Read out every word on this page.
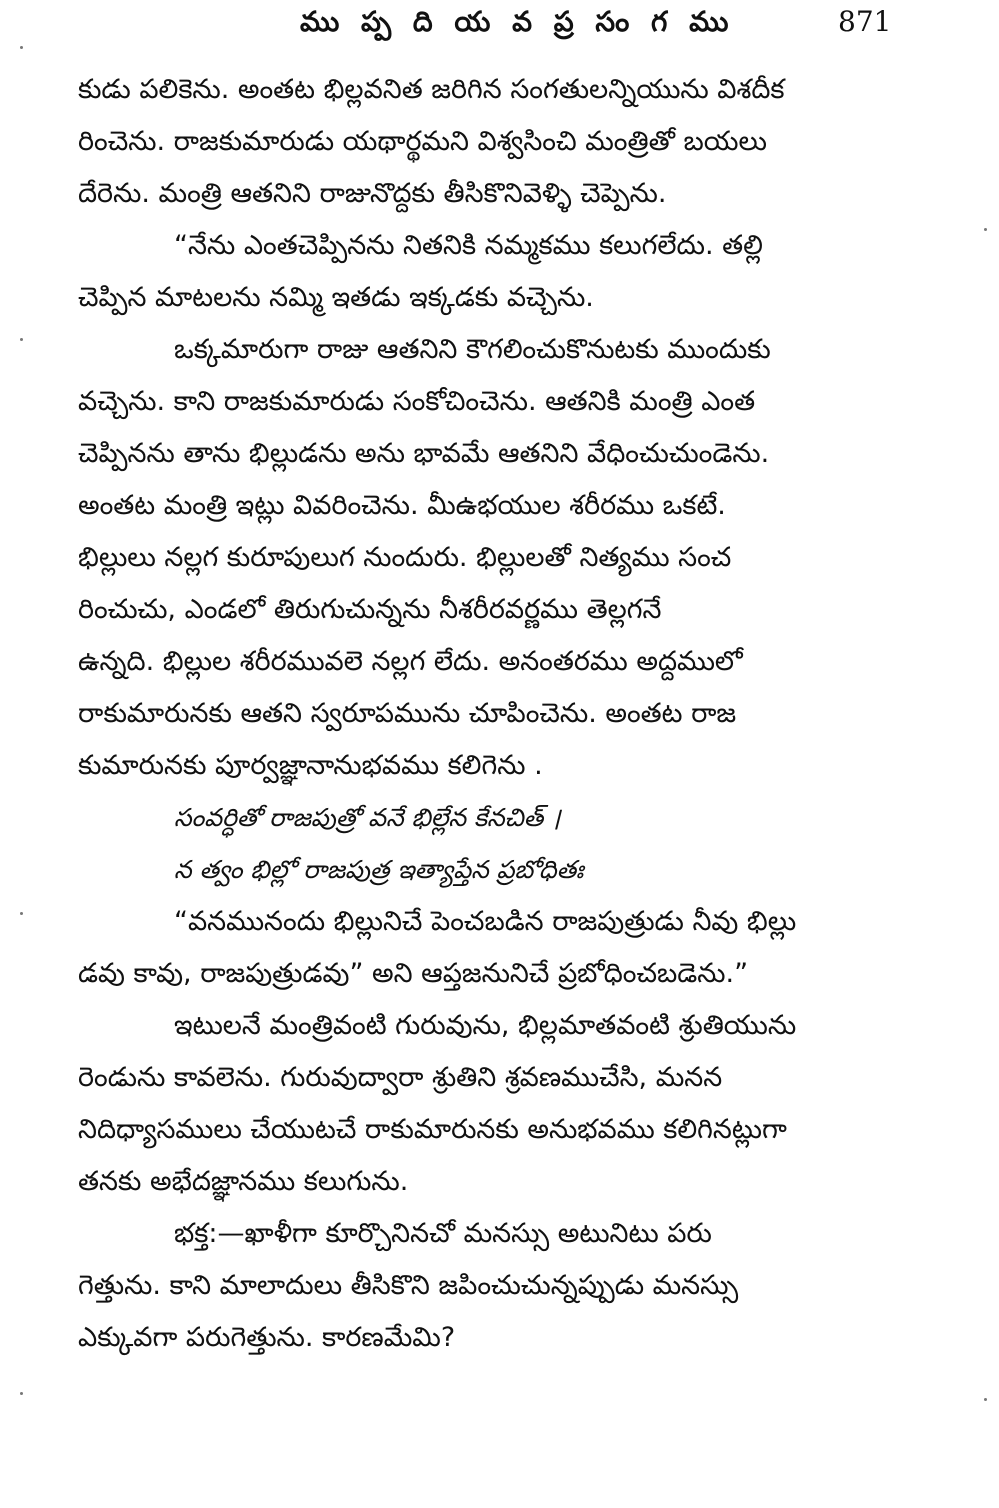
ము ప్ప ది య వ ప్ర సం గ ము	871
కుడు పలికెను. అంతట భిల్లవనిత జరిగిన సంగతులన్నియును విశదీక
రించెను. రాజకుమారుడు యథార్థమని విశ్వసించి మంత్రితో బయలు
దేరెను. మంత్రి ఆతనిని రాజునొద్దకు తీసికొనివెళ్ళి చెప్పెను.
“నేను ఎంతచెప్పినను నితనికి నమ్మకము కలుగలేదు. తల్లి
చెప్పిన మాటలను నమ్మి ఇతడు ఇక్కడకు వచ్చెను.
ఒక్కమారుగా రాజు ఆతనిని కౌగలించుకొనుటకు ముందుకు
వచ్చెను. కాని రాజకుమారుడు సంకోచించెను. ఆతనికి మంత్రి ఎంత
చెప్పినను తాను భిల్లుడను అను భావమే ఆతనిని వేధించుచుండెను.
అంతట మంత్రి ఇట్లు వివరించెను. మీఉభయుల శరీరము ఒకటే.
భిల్లులు నల్లగ కురూపులుగ నుందురు. భిల్లులతో నిత్యము సంచ
రించుచు, ఎండలో తిరుగుచున్నను నీశరీరవర్ణము తెల్లగనే
ఉన్నది. భిల్లుల శరీరమువలె నల్లగ లేదు. అనంతరము అద్దములో
రాకుమారునకు ఆతని స్వరూపమును చూపించెను. అంతట రాజ
కుమారునకు పూర్వజ్ఞానానుభవము కలిగెను .
సంవర్ధితో రాజపుత్రో వనే భిల్లేన కేనచిత్ ।
న త్వం భిల్లో రాజపుత్ర ఇత్యాప్తేన ప్రబోధితః
“వనమునందు భిల్లునిచే పెంచబడిన రాజపుత్రుడు నీవు భిల్లు
డవు కావు, రాజపుత్రుడవు” అని ఆప్తజనునిచే ప్రబోధించబడెను.”
ఇటులనే మంత్రివంటి గురువును, భిల్లమాతవంటి శ్రుతియును
రెండును కావలెను. గురువుద్వారా శ్రుతిని శ్రవణముచేసి, మనన
నిదిధ్యాసములు చేయుటచే రాకుమారునకు అనుభవము కలిగినట్లుగా
తనకు అభేదజ్ఞానము కలుగును.
భక్త:—ఖాళీగా కూర్చొనినచో మనస్సు అటునిటు పరు
గెత్తును. కాని మాలాదులు తీసికొని జపించుచున్నప్పుడు మనస్సు
ఎక్కువగా పరుగెత్తును. కారణమేమి?
